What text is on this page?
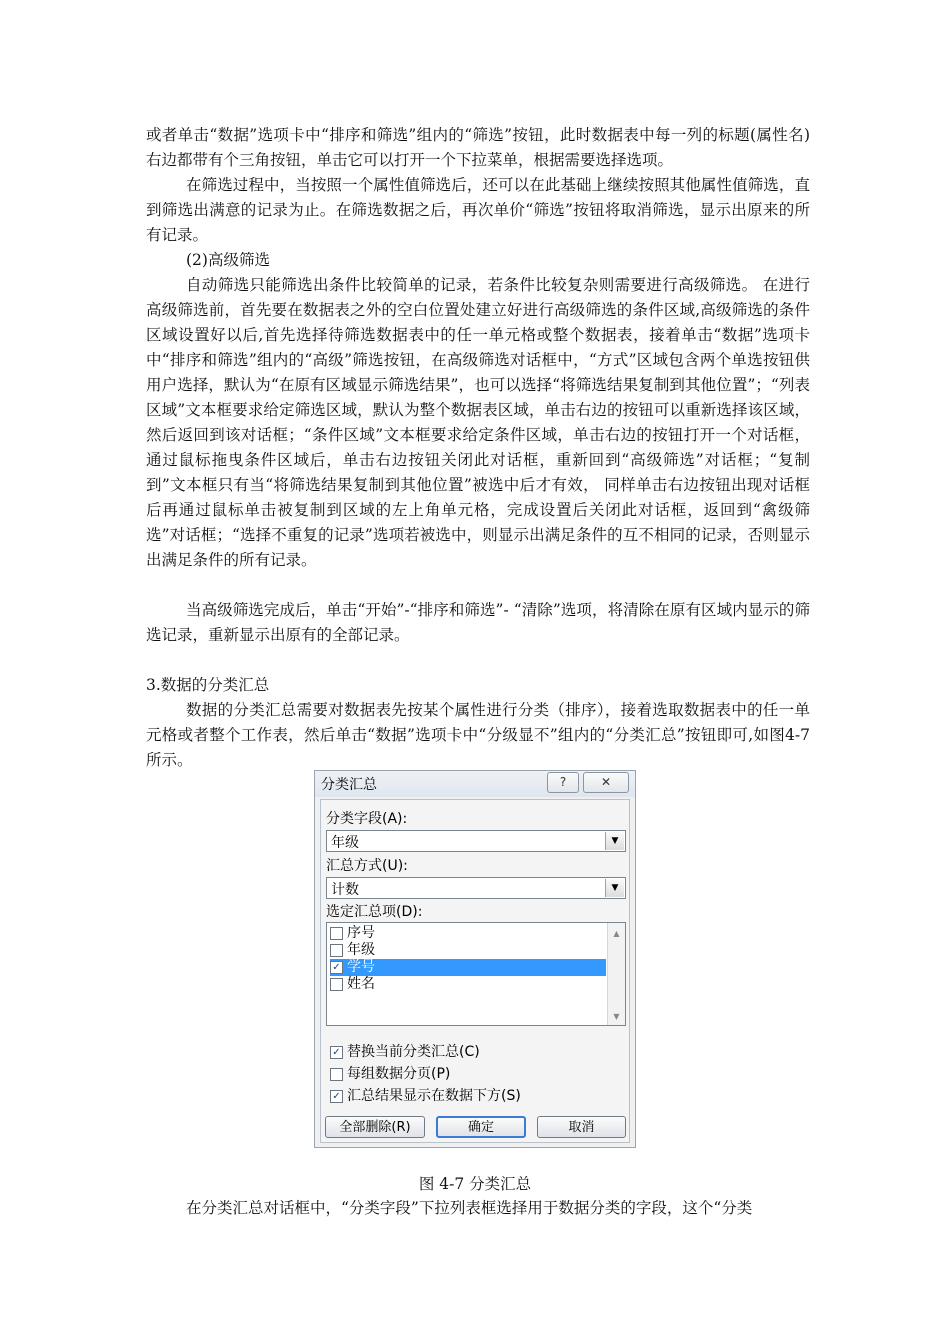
或者单击“数据”选项卡中“排序和筛选”组内的“筛选”按钮，此时数据表中每一列的标题(属性名)右边都带有个三角按钮，单击它可以打开一个下拉菜单，根据需要选择选项。

在筛选过程中，当按照一个属性值筛选后，还可以在此基础上继续按照其他属性值筛选，直到筛选出满意的记录为止。在筛选数据之后，再次单价“筛选”按钮将取消筛选，显示出原来的所有记录。

(2)高级筛选

自动筛选只能筛选出条件比较简单的记录，若条件比较复杂则需要进行高级筛选。 在进行高级筛选前，首先要在数据表之外的空白位置处建立好进行高级筛选的条件区域,高级筛选的条件区域设置好以后,首先选择待筛选数据表中的任一单元格或整个数据表，接着单击“数据”选项卡中“排序和筛选”组内的“高级”筛选按钮，在高级筛选对话框中，“方式”区域包含两个单选按钮供用户选择，默认为“在原有区域显示筛选结果”，也可以选择“将筛选结果复制到其他位置”；“列表区域”文本框要求给定筛选区域，默认为整个数据表区域，单击右边的按钮可以重新选择该区域，然后返回到该对话框；“条件区域”文本框要求给定条件区域，单击右边的按钮打开一个对话框，通过鼠标拖曳条件区域后，单击右边按钮关闭此对话框，重新回到“高级筛选”对话框；“复制到”文本框只有当“将筛选结果复制到其他位置”被选中后才有效， 同样单击右边按钮出现对话框后再通过鼠标单击被复制到区域的左上角单元格，完成设置后关闭此对话框，返回到“禽级筛选”对话框；“选择不重复的记录”选项若被选中，则显示出满足条件的互不相同的记录，否则显示出满足条件的所有记录。

当高级筛选完成后，单击“开始”-“排序和筛选”- “清除”选项，将清除在原有区域内显示的筛选记录，重新显示出原有的全部记录。

3.数据的分类汇总

数据的分类汇总需要对数据表先按某个属性进行分类（排序），接着选取数据表中的任一单元格或者整个工作表，然后单击“数据”选项卡中“分级显不”组内的“分类汇总”按钮即可,如图4-7所示。

分类汇总	?	✕
分类字段(A):
年级	▼
汇总方式(U):
计数	▼
选定汇总项(D):
序号
年级
✓ 学号
姓名
▲
▼
✓ 替换当前分类汇总(C)
每组数据分页(P)
✓ 汇总结果显示在数据下方(S)
全部删除(R)	确定	取消

图 4-7 分类汇总

在分类汇总对话框中，“分类字段”下拉列表框选择用于数据分类的字段，这个“分类
